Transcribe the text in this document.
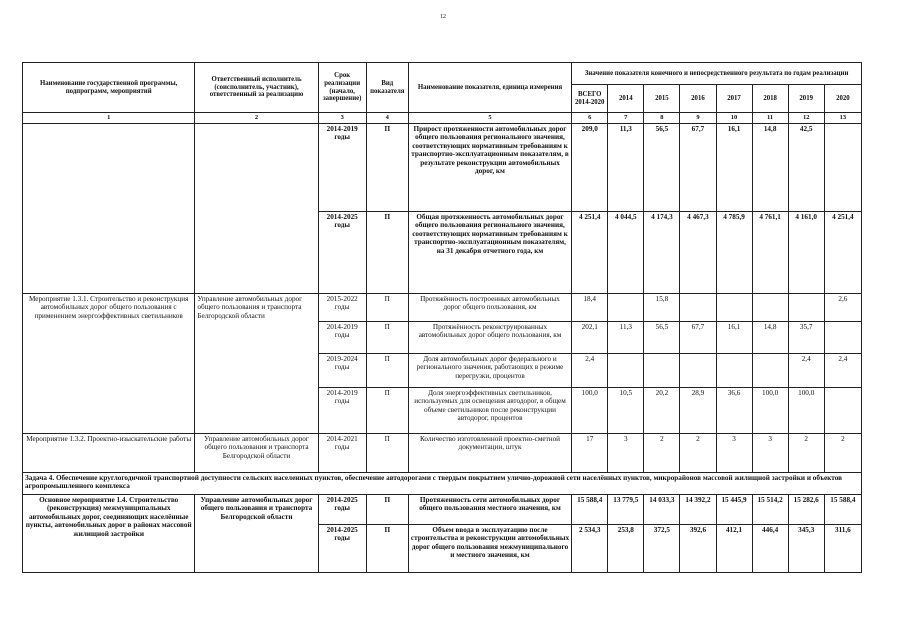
12
Наименование государственной программы, подпрограмм, мероприятий	Ответственный исполнитель (соисполнитель, участник), ответственный за реализацию	Срок реализации (начало, завершение)	Вид показателя	Наименование показателя, единица измерения	Значение показателя конечного и непосредственного результата по годам реализации							
					ВСЕГО 2014-2020	2014	2015	2016	2017	2018	2019	2020
1	2	3	4	5	6	7	8	9	10	11	12	13
		2014-2019 годы	П	Прирост протяженности автомобильных дорог общего пользования регионального значения, соответствующих нормативным требованиям к транспортно-эксплуатационным показателям, в результате реконструкции автомобильных дорог, км	209,0	11,3	56,5	67,7	16,1	14,8	42,5	
		2014-2025 годы	П	Общая протяженность автомобильных дорог общего пользования регионального значения, соответствующих нормативным требованиям к транспортно-эксплуатационным показателям, на 31 декабря отчетного года, км	4 251,4	4 044,5	4 174,3	4 467,3	4 785,9	4 761,1	4 161,0	4 251,4
Мероприятие 1.3.1. Строительство и реконструкция автомобильных дорог общего пользования с применением энергоэффективных светильников	Управление автомобильных дорог общего пользования и транспорта Белгородской области	2015-2022 годы	П	Протяжённость построенных автомобильных дорог общего пользования, км	18,4		15,8					2,6
		2014-2019 годы	П	Протяжённость реконструированных автомобильных дорог общего пользования, км	202,1	11,3	56,5	67,7	16,1	14,8	35,7	
		2019-2024 годы	П	Доля автомобильных дорог федерального и регионального значения, работающих в режиме перегрузки, процентов	2,4						2,4	2,4
		2014-2019 годы	П	Доля энергоэффективных светильников, используемых для освещения автодорог, в общем объеме светильников после реконструкции автодорог, процентов	100,0	10,5	20,2	28,9	36,6	100,0	100,0	
Мероприятие 1.3.2. Проектно-изыскательские работы	Управление автомобильных дорог общего пользования и транспорта Белгородской области	2014-2021 годы	П	Количество изготовленной проектно-сметной документации, штук	17	3	2	2	3	3	2	2
Задача 4. Обеспечение круглогодичной транспортной доступности сельских населенных пунктов, обеспечение автодорогами с твердым покрытием улично-дорожной сети населённых пунктов, микрорайонов массовой жилищной застройки и объектов агропромышленного комплекса												
Основное мероприятие 1.4. Строительство (реконструкция) межмуниципальных автомобильных дорог, соединяющих населённые пункты, автомобильных дорог в районах массовой жилищной застройки	Управление автомобильных дорог общего пользования и транспорта Белгородской области	2014-2025 годы	П	Протяженность сети автомобильных дорог общего пользования местного значения, км	15 588,4	13 779,5	14 033,3	14 392,2	15 445,9	15 514,2	15 282,6	15 588,4
		2014-2025 годы	П	Объем ввода в эксплуатацию после строительства и реконструкции автомобильных дорог общего пользования межмуниципального и местного значения, км	2 534,3	253,8	372,5	392,6	412,1	446,4	345,3	311,6
